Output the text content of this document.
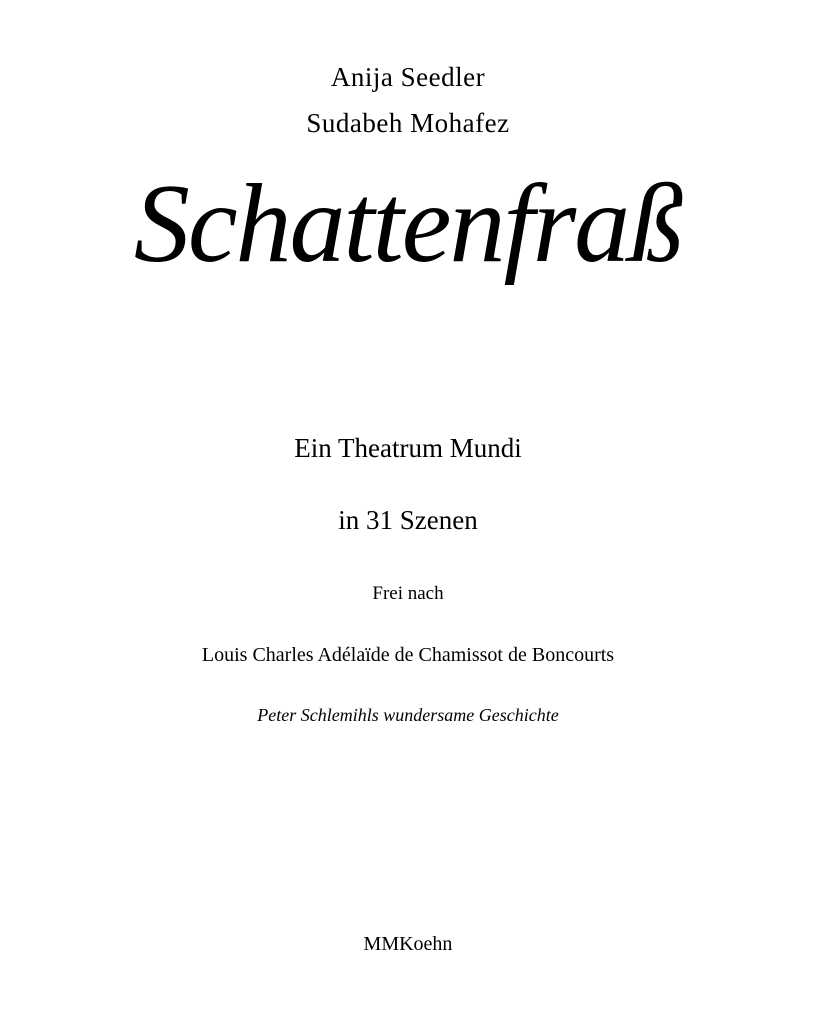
Anija Seedler
Sudabeh Mohafez
Schattenfraß
Ein Theatrum Mundi
in 31 Szenen
Frei nach
Louis Charles Adélaïde de Chamissot de Boncourts
Peter Schlemihls wundersame Geschichte
MMKoehn
